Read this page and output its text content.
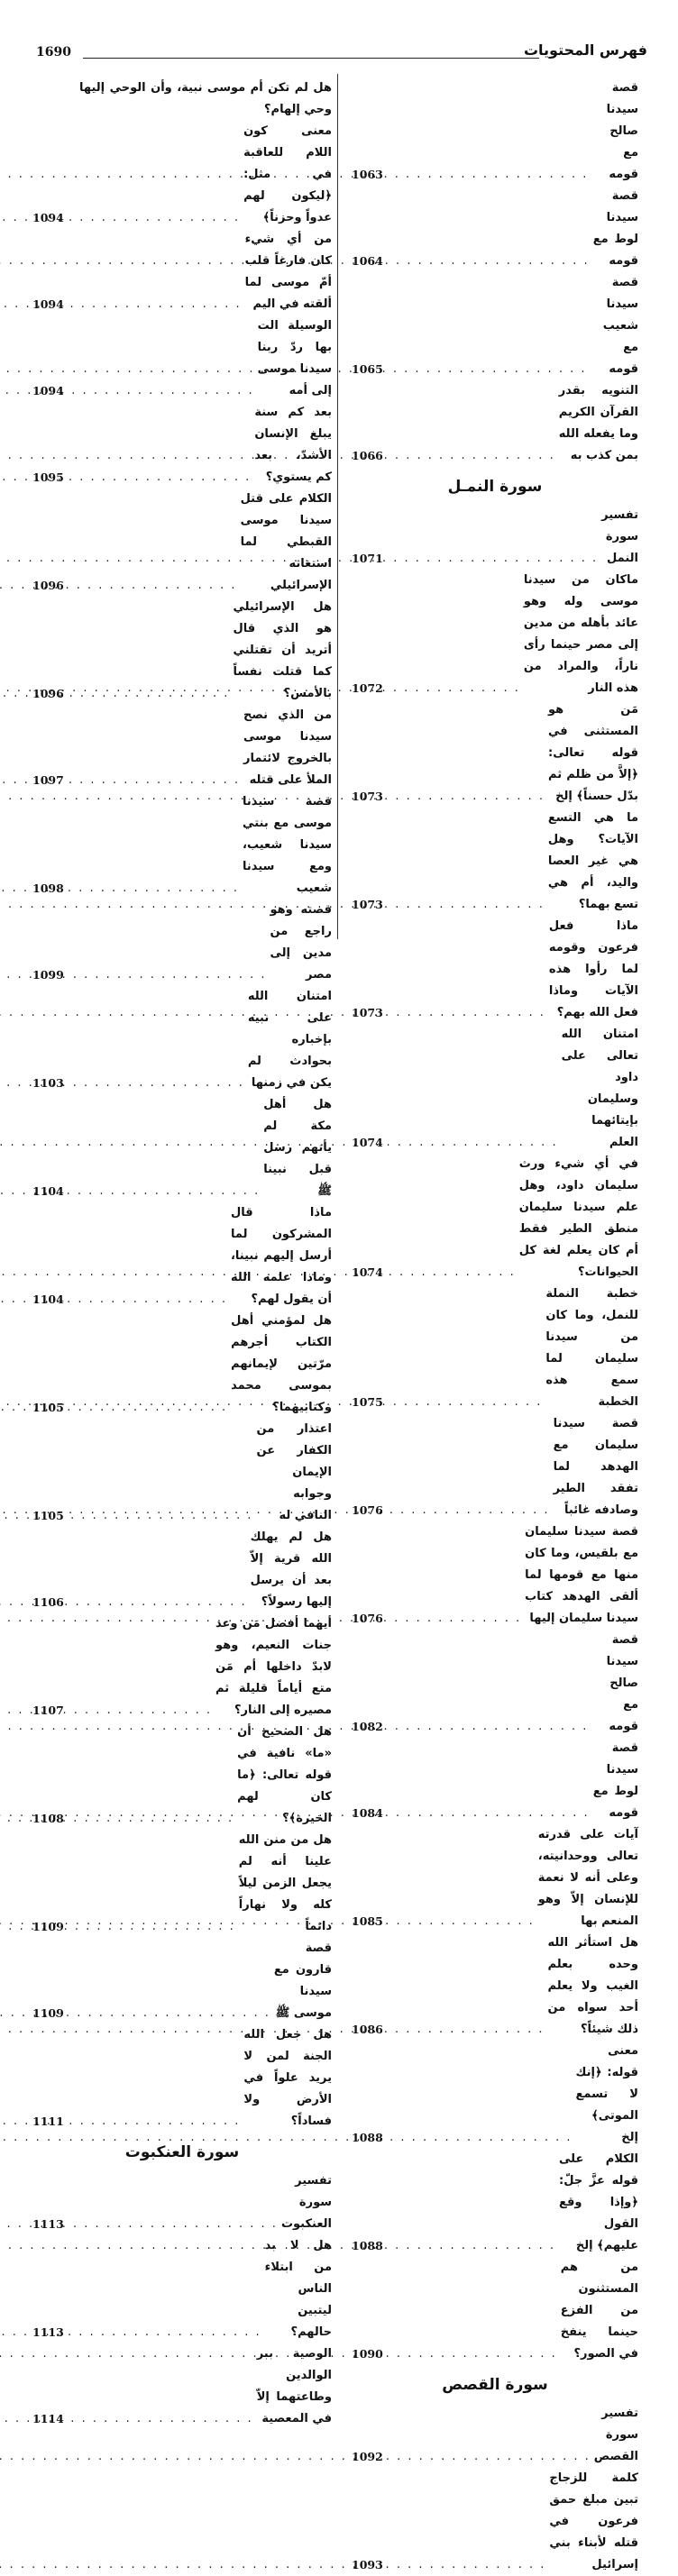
1690	فهرس المحتويات
قصة سيدنا صالح مع قومه
. . .
1063
قصة سيدنا لوط مع قومه
. . .
1064
قصة سيدنا شعيب مع قومه
. . .
1065
التنويه بقدر القرآن الكريم وما يفعله الله بمن كذب به
. . .
1066
سورة النمـل
تفسير سورة النمل
. . .
1071
ماكان من سيدنا موسى وله وهو عائد بأهله من مدين إلى مصر حينما رأى ناراً، والمراد من هذه النار
. . .
1072
مَن هو المستثنى في قوله تعالى: ﴿إلاَّ من ظلم ثم بدّل حسناً﴾ إلخ
. . .
1073
ما هي التسع الآيات؟ وهل هي غير العصا واليد، أم هي تسع بهما؟
. . .
1073
ماذا فعل فرعون وقومه لما رأوا هذه الآيات وماذا فعل الله بهم؟
. . .
1073
امتنان الله تعالى على داود وسليمان بإيتائهما العلم
. . .
1074
في أي شيء ورث سليمان داود، وهل علم سيدنا سليمان منطق الطير فقط أم كان يعلم لغة كل الحيوانات؟
. . .
1074
خطبة النملة للنمل، وما كان من سيدنا سليمان لما سمع هذه الخطبة
. . .
1075
قصة سيدنا سليمان مع الهدهد لما تفقد الطير وصادفه غائباً
. . .
1076
قصة سيدنا سليمان مع بلقيس، وما كان منها مع قومها لما ألقى الهدهد كتاب سيدنا سليمان إليها
. . .
1076
قصة سيدنا صالح مع قومه
. . .
1082
قصة سيدنا لوط مع قومه
. . .
1084
آيات على قدرته تعالى ووحدانيته، وعلى أنه لا نعمة للإنسان إلاّ وهو المنعم بها
. . .
1085
هل استأثر الله وحده بعلم الغيب ولا يعلم أحد سواه من ذلك شيئاً؟
. . .
1086
معنى قوله: ﴿إنك لا تسمع الموتى﴾ إلخ
. . .
1088
الكلام على قوله عزَّ جلّ: ﴿وإذا وقع القول عليهم﴾ إلخ
. . .
1088
من هم المستثنون من الفزع حينما ينفخ في الصور؟
. . .
1090
سورة القصص
تفسير سورة القصص
. . .
1092
كلمة للزجاج تبين مبلغ حمق فرعون في قتله لأبناء بني إسرائيل
. . .
1093
هل لم تكن أم موسى نبية، وأن الوحي إليها وحي إلهام؟
معنى كون اللام للعاقبة في مثل: ﴿ليكون لهم عدواً وحزناً﴾
. . .
1094
من أي شيء كان فارغاً قلب أمّ موسى لما ألقته في اليم
. . .
1094
الوسيلة الت بها ردّ ربنا سيدنا موسى إلى أمه
. . .
1094
بعد كم سنة يبلغ الإنسان الأشدّ، بعد كم يستوي؟
. . .
1095
الكلام على قتل سيدنا موسى القبطي لما استغاثه الإسرائيلي
. . .
1096
هل الإسرائيلي هو الذي قال أتريد أن تقتلني كما قتلت نفساً بالأمس؟
. . .
1096
من الذي نصح سيدنا موسى بالخروج لائتمار الملأ على قتله
. . .
1097
قصة سيدنا موسى مع بنتي سيدنا شعيب، ومع سيدنا شعيب
. . .
1098
قصته وهو راجع من مدين إلى مصر
. . .
1099
امتنان الله على نبيه بإخباره بحوادث لم يكن في زمنها
. . .
1103
هل أهل مكة لم يأتهم رسل قبل نبينا ﷺ
. . .
1104
ماذا قال المشركون لما أرسل إليهم نبينا، وماذا علمه الله أن يقول لهم؟
. . .
1104
هل لمؤمني أهل الكتاب أجرهم مرّتين لإيمانهم بموسى محمد وكتابيهما؟
. . .
1105
اعتذار من الكفار عن الإيمان وجوابه النافي له
. . .
1105
هل لم يهلك الله قرية إلاّ بعد أن يرسل إليها رسولاً؟
. . .
1106
أيهما أفضل مَن وعد جنات النعيم، وهو لابدّ داخلها أم مَن متع أياماً قليلة ثم مصيره إلى النار؟
. . .
1107
هل الصحيح أن «ما» نافية في قوله تعالى: ﴿ما كان لهم الخيرة﴾؟
. . .
1108
هل من منن الله علينا أنه لم يجعل الزمن ليلاً كله ولا نهاراً دائماً
. . .
1109
قصة قارون مع سيدنا موسى ﷺ
. . .
1109
هل جعل الله الجنة لمن لا يريد علواً في الأرض ولا فساداً؟
. . .
1111
سورة العنكبوت
تفسير سورة العنكبوت
. . .
1113
هل لا بد من ابتلاء الناس ليتبين حالهم؟
. . .
1113
الوصية ببر الوالدين وطاعتهما إلاّ في المعصية
. . .
1114
